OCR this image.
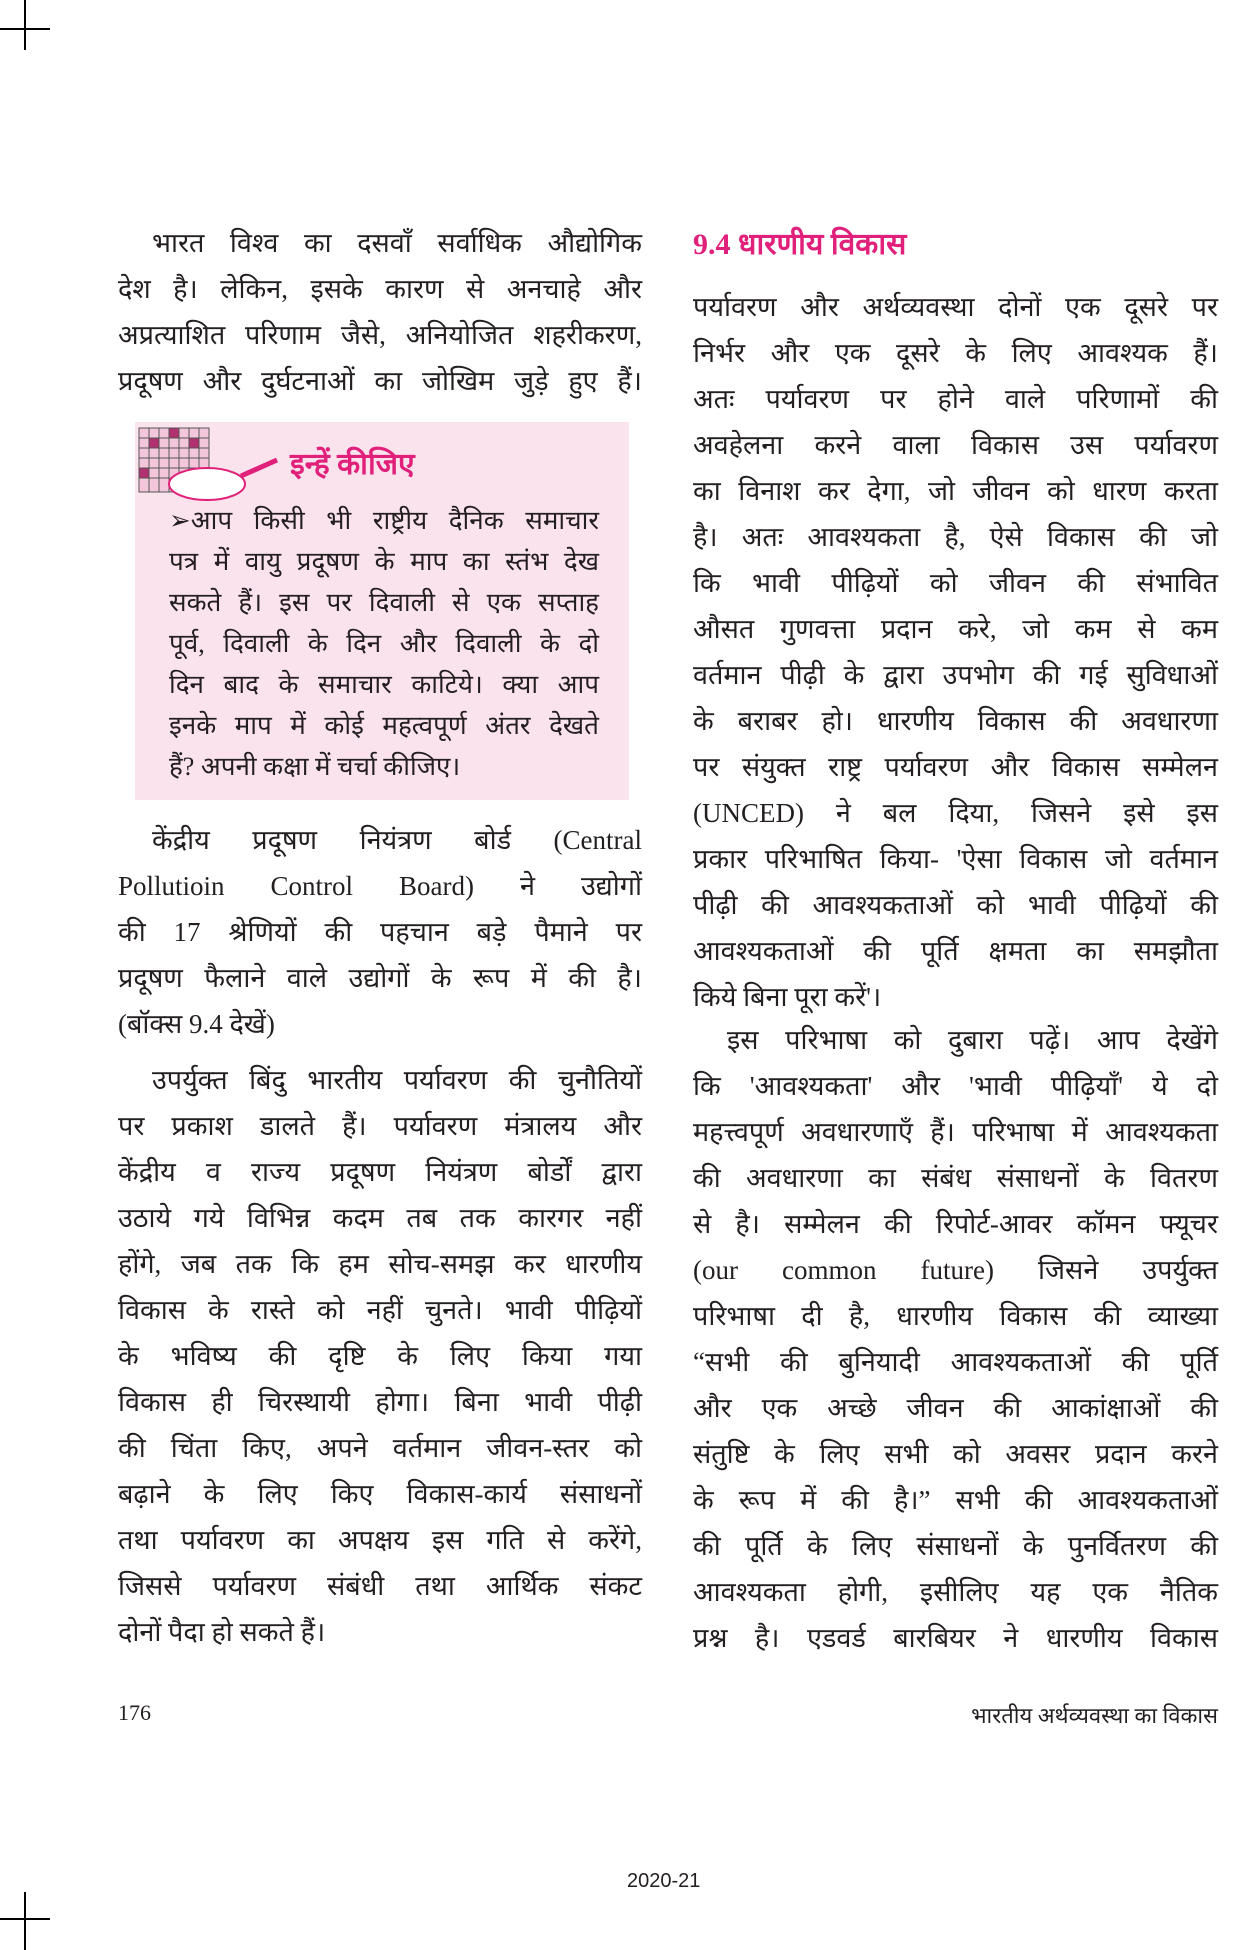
भारत विश्व का दसवाँ सर्वाधिक औद्योगिक
देश है। लेकिन, इसके कारण से अनचाहे और
अप्रत्याशित परिणाम जैसे, अनियोजित शहरीकरण,
प्रदूषण और दुर्घटनाओं का जोखिम जुड़े हुए हैं।
इन्हें कीजिए
➢आप किसी भी राष्ट्रीय दैनिक समाचार
पत्र में वायु प्रदूषण के माप का स्तंभ देख
सकते हैं। इस पर दिवाली से एक सप्ताह
पूर्व, दिवाली के दिन और दिवाली के दो
दिन बाद के समाचार काटिये। क्या आप
इनके माप में कोई महत्वपूर्ण अंतर देखते
हैं? अपनी कक्षा में चर्चा कीजिए।
केंद्रीय प्रदूषण नियंत्रण बोर्ड (Central
Pollutioin Control Board) ने उद्योगों
की 17 श्रेणियों की पहचान बड़े पैमाने पर
प्रदूषण फैलाने वाले उद्योगों के रूप में की है।
(बॉक्स 9.4 देखें)
उपर्युक्त बिंदु भारतीय पर्यावरण की चुनौतियों
पर प्रकाश डालते हैं। पर्यावरण मंत्रालय और
केंद्रीय व राज्य प्रदूषण नियंत्रण बोर्डों द्वारा
उठाये गये विभिन्न कदम तब तक कारगर नहीं
होंगे, जब तक कि हम सोच-समझ कर धारणीय
विकास के रास्ते को नहीं चुनते। भावी पीढ़ियों
के भविष्य की दृष्टि के लिए किया गया
विकास ही चिरस्थायी होगा। बिना भावी पीढ़ी
की चिंता किए, अपने वर्तमान जीवन-स्तर को
बढ़ाने के लिए किए विकास-कार्य संसाधनों
तथा पर्यावरण का अपक्षय इस गति से करेंगे,
जिससे पर्यावरण संबंधी तथा आर्थिक संकट
दोनों पैदा हो सकते हैं।
9.4 धारणीय विकास
पर्यावरण और अर्थव्यवस्था दोनों एक दूसरे पर
निर्भर और एक दूसरे के लिए आवश्यक हैं।
अतः पर्यावरण पर होने वाले परिणामों की
अवहेलना करने वाला विकास उस पर्यावरण
का विनाश कर देगा, जो जीवन को धारण करता
है। अतः आवश्यकता है, ऐसे विकास की जो
कि भावी पीढ़ियों को जीवन की संभावित
औसत गुणवत्ता प्रदान करे, जो कम से कम
वर्तमान पीढ़ी के द्वारा उपभोग की गई सुविधाओं
के बराबर हो। धारणीय विकास की अवधारणा
पर संयुक्त राष्ट्र पर्यावरण और विकास सम्मेलन
(UNCED) ने बल दिया, जिसने इसे इस
प्रकार परिभाषित किया- 'ऐसा विकास जो वर्तमान
पीढ़ी की आवश्यकताओं को भावी पीढ़ियों की
आवश्यकताओं की पूर्ति क्षमता का समझौता
किये बिना पूरा करें'।
इस परिभाषा को दुबारा पढ़ें। आप देखेंगे
कि 'आवश्यकता' और 'भावी पीढ़ियाँ' ये दो
महत्त्वपूर्ण अवधारणाएँ हैं। परिभाषा में आवश्यकता
की अवधारणा का संबंध संसाधनों के वितरण
से है। सम्मेलन की रिपोर्ट-आवर कॉमन फ्यूचर
(our common future) जिसने उपर्युक्त
परिभाषा दी है, धारणीय विकास की व्याख्या
“सभी की बुनियादी आवश्यकताओं की पूर्ति
और एक अच्छे जीवन की आकांक्षाओं की
संतुष्टि के लिए सभी को अवसर प्रदान करने
के रूप में की है।” सभी की आवश्यकताओं
की पूर्ति के लिए संसाधनों के पुनर्वितरण की
आवश्यकता होगी, इसीलिए यह एक नैतिक
प्रश्न है। एडवर्ड बारबियर ने धारणीय विकास
176	भारतीय अर्थव्यवस्था का विकास
2020-21
